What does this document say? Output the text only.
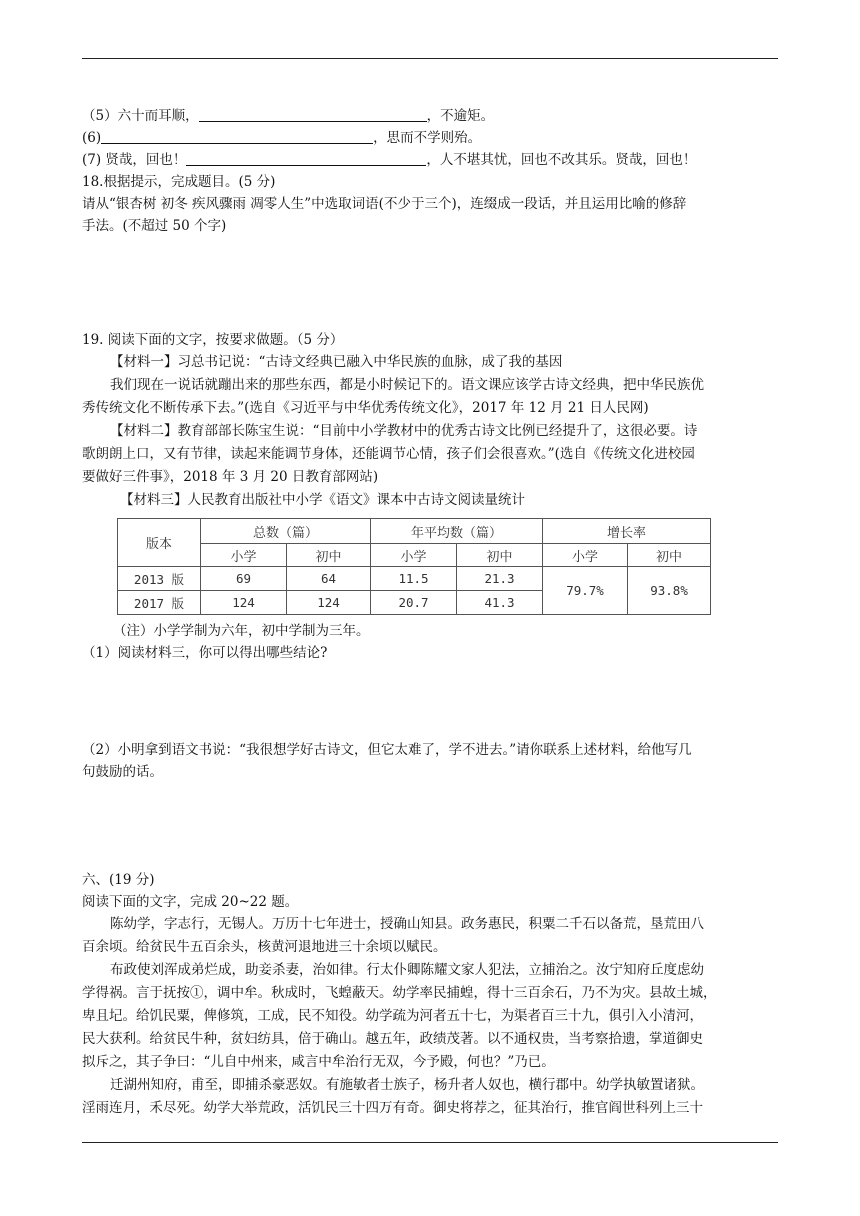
（5）六十而耳顺，	，不逾矩。
(6)	，思而不学则殆。
(7) 贤哉，回也！	，人不堪其忧，回也不改其乐。贤哉，回也！
18.根据提示，完成题目。(5 分)
请从“银杏树 初冬 疾风骤雨 凋零人生”中选取词语(不少于三个)，连缀成一段话，并且运用比喻的修辞
手法。(不超过 50 个字)
19. 阅读下面的文字，按要求做题。（5 分）
【材料一】习总书记说：“古诗文经典已融入中华民族的血脉，成了我的基因
我们现在一说话就蹦出来的那些东西，都是小时候记下的。语文课应该学古诗文经典，把中华民族优
秀传统文化不断传承下去。”(选自《习近平与中华优秀传统文化》，2017 年 12 月 21 日人民网)
【材料二】教育部部长陈宝生说：“目前中小学教材中的优秀古诗文比例已经提升了，这很必要。诗
歌朗朗上口，又有节律，读起来能调节身体，还能调节心情，孩子们会很喜欢。”(选自《传统文化进校园
要做好三件事》，2018 年 3 月 20 日教育部网站)
【材料三】人民教育出版社中小学《语文》课本中古诗文阅读量统计
版本	总数（篇）		年平均数（篇）		增长率	
	小学	初中	小学	初中	小学	初中
2013 版	69	64	11.5	21.3	79.7%	93.8%
2017 版	124	124	20.7	41.3		
（注）小学学制为六年，初中学制为三年。
（1）阅读材料三，你可以得出哪些结论?
（2）小明拿到语文书说：“我很想学好古诗文，但它太难了，学不进去。”请你联系上述材料，给他写几
句鼓励的话。
六、(19 分)
阅读下面的文字，完成 20~22 题。
陈幼学，字志行，无锡人。万历十七年进士，授确山知县。政务惠民，积粟二千石以备荒，垦荒田八
百余顷。给贫民牛五百余头，核黄河退地进三十余顷以赋民。
布政使刘浑成弟烂成，助妾杀妻，治如律。行太仆卿陈耀文家人犯法，立捕治之。汝宁知府丘度虑幼
学得祸。言于抚按①，调中牟。秋成时，飞蝗蔽天。幼学率民捕蝗，得十三百余石，乃不为灾。县故土城，
卑且圮。给饥民粟，俾修筑，工成，民不知役。幼学疏为河者五十七，为渠者百三十九，俱引入小清河，
民大获利。给贫民牛种，贫妇纺具，倍于确山。越五年，政绩茂著。以不通权贵，当考察拾遗，掌道御史
拟斥之，其子争曰：“儿自中州来，咸言中牟治行无双，今予殿，何也？”乃已。
迁湖州知府，甫至，即捕杀豪恶奴。有施敏者士族子，杨升者人奴也，横行郡中。幼学执敏置诸狱。
淫雨连月，禾尽死。幼学大举荒政，活饥民三十四万有奇。御史将荐之，征其治行，推官阎世科列上三十
